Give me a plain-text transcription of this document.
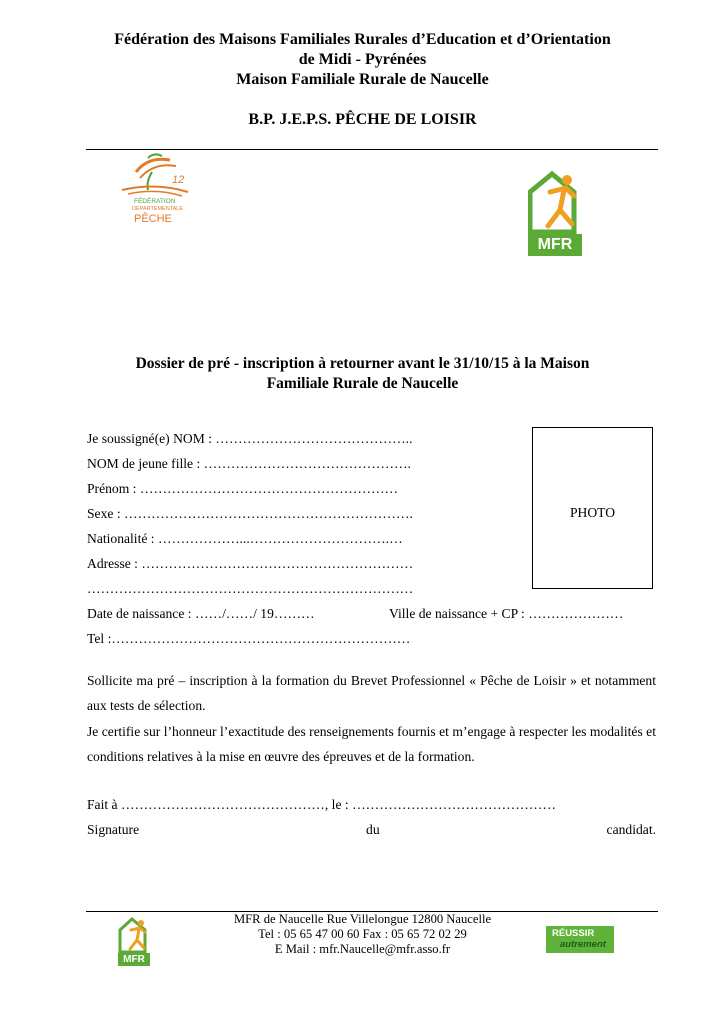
Fédération des Maisons Familiales Rurales d’Education et d’Orientation
de Midi - Pyrénées
Maison Familiale Rurale de Naucelle
B.P. J.E.P.S. PÊCHE DE LOISIR
12
FÉDÉRATION
DÉPARTEMENTALE
PÊCHE
MFR
Dossier de pré - inscription à retourner avant le 31/10/15 à la Maison
Familiale Rurale de Naucelle
Je soussigné(e) NOM : ……………………………………..
NOM de jeune fille : ……………………………………….
Prénom : …………………………………………………
Sexe : ……………………………………………………….
Nationalité : ………………...………………………….…
Adresse : ……………………………………………………
………………………………………………………………
Date de naissance : ……/……/ 19………	Ville de naissance + CP : …………………
Tel :…………………………………………………………
PHOTO
Sollicite ma pré – inscription à la formation du Brevet Professionnel « Pêche de Loisir » et notamment aux tests de sélection.
Je certifie sur l’honneur l’exactitude des renseignements fournis et m’engage à respecter les modalités et conditions relatives à la mise en œuvre des épreuves et de la formation.
Fait à ………………………………………, le : ………………………………………
Signature	du	candidat.
MFR de Naucelle Rue Villelongue 12800 Naucelle
Tel : 05 65 47 00 60 Fax : 05 65 72 02 29
E Mail : mfr.Naucelle@mfr.asso.fr
MFR
RÉUSSIR
autrement
